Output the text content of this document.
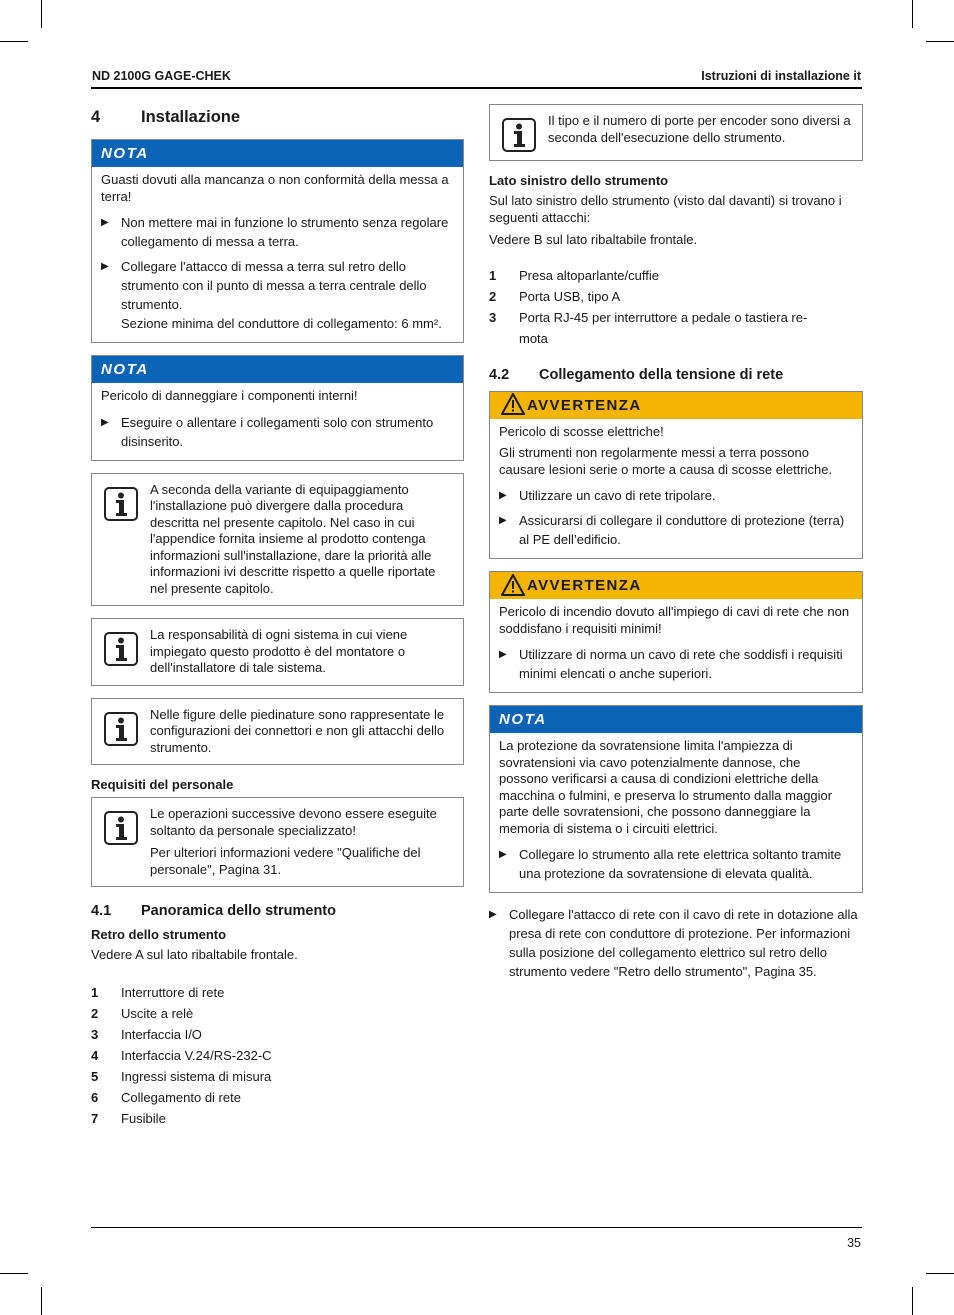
ND 2100G GAGE-CHEK	Istruzioni di installazione it
4	Installazione
NOTA

Guasti dovuti alla mancanza o non conformità della messa a terra!

▶ Non mettere mai in funzione lo strumento senza regolare collegamento di messa a terra.
▶ Collegare l'attacco di messa a terra sul retro dello strumento con il punto di messa a terra centrale dello strumento.
Sezione minima del conduttore di collegamento: 6 mm².
NOTA

Pericolo di danneggiare i componenti interni!

▶ Eseguire o allentare i collegamenti solo con strumento disinserito.
A seconda della variante di equipaggiamento l'installazione può divergere dalla procedura descritta nel presente capitolo. Nel caso in cui l'appendice fornita insieme al prodotto contenga informazioni sull'installazione, dare la priorità alle informazioni ivi descritte rispetto a quelle riportate nel presente capitolo.
La responsabilità di ogni sistema in cui viene impiegato questo prodotto è del montatore o dell'installatore di tale sistema.
Nelle figure delle piedinature sono rappresentate le configurazioni dei connettori e non gli attacchi dello strumento.
Requisiti del personale

Le operazioni successive devono essere eseguite soltanto da personale specializzato!

Per ulteriori informazioni vedere "Qualifiche del personale", Pagina 31.

4.1	Panoramica dello strumento
Retro dello strumento

Vedere A sul lato ribaltabile frontale.

1	Interruttore di rete
2	Uscite a relè
3	Interfaccia I/O
4	Interfaccia V.24/RS-232-C
5	Ingressi sistema di misura
6	Collegamento di rete
7	Fusibile
Il tipo e il numero di porte per encoder sono diversi a seconda dell'esecuzione dello strumento.
Lato sinistro dello strumento

Sul lato sinistro dello strumento (visto dal davanti) si trovano i seguenti attacchi:

Vedere B sul lato ribaltabile frontale.

1	Presa altoparlante/cuffie
2	Porta USB, tipo A
3	Porta RJ-45 per interruttore a pedale o tastiera re-mota
4.2	Collegamento della tensione di rete
AVVERTENZA

Pericolo di scosse elettriche!

Gli strumenti non regolarmente messi a terra possono causare lesioni serie o morte a causa di scosse elettriche.

▶ Utilizzare un cavo di rete tripolare.
▶ Assicurarsi di collegare il conduttore di protezione (terra) al PE dell’edificio.
AVVERTENZA

Pericolo di incendio dovuto all'impiego di cavi di rete che non soddisfano i requisiti minimi!

▶ Utilizzare di norma un cavo di rete che soddisfi i requisiti minimi elencati o anche superiori.
NOTA

La protezione da sovratensione limita l'ampiezza di sovratensioni via cavo potenzialmente dannose, che possono verificarsi a causa di condizioni elettriche della macchina o fulmini, e preserva lo strumento dalla maggior parte delle sovratensioni, che possono danneggiare la memoria di sistema o i circuiti elettrici.

▶ Collegare lo strumento alla rete elettrica soltanto tramite una protezione da sovratensione di elevata qualità.
▶ Collegare l'attacco di rete con il cavo di rete in dotazione alla presa di rete con conduttore di protezione. Per informazioni sulla posizione del collegamento elettrico sul retro dello strumento vedere "Retro dello strumento", Pagina 35.
35
